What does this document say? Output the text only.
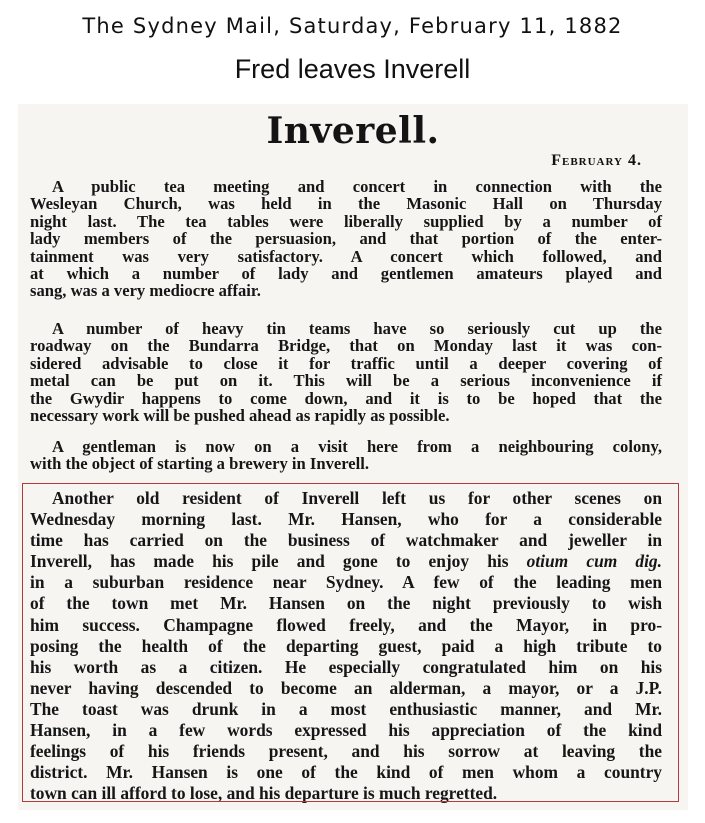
The Sydney Mail, Saturday, February 11, 1882
Fred leaves Inverell
Inverell.
February 4.
A public tea meeting and concert in connection with the
Wesleyan Church, was held in the Masonic Hall on Thursday
night last. The tea tables were liberally supplied by a number of
lady members of the persuasion, and that portion of the enter-
tainment was very satisfactory. A concert which followed, and
at which a number of lady and gentlemen amateurs played and
sang, was a very mediocre affair.
A number of heavy tin teams have so seriously cut up the
roadway on the Bundarra Bridge, that on Monday last it was con-
sidered advisable to close it for traffic until a deeper covering of
metal can be put on it. This will be a serious inconvenience if
the Gwydir happens to come down, and it is to be hoped that the
necessary work will be pushed ahead as rapidly as possible.
A gentleman is now on a visit here from a neighbouring colony,
with the object of starting a brewery in Inverell.
Another old resident of Inverell left us for other scenes on
Wednesday morning last. Mr. Hansen, who for a considerable
time has carried on the business of watchmaker and jeweller in
Inverell, has made his pile and gone to enjoy his otium cum dig.
in a suburban residence near Sydney. A few of the leading men
of the town met Mr. Hansen on the night previously to wish
him success. Champagne flowed freely, and the Mayor, in pro-
posing the health of the departing guest, paid a high tribute to
his worth as a citizen. He especially congratulated him on his
never having descended to become an alderman, a mayor, or a J.P.
The toast was drunk in a most enthusiastic manner, and Mr.
Hansen, in a few words expressed his appreciation of the kind
feelings of his friends present, and his sorrow at leaving the
district. Mr. Hansen is one of the kind of men whom a country
town can ill afford to lose, and his departure is much regretted.
